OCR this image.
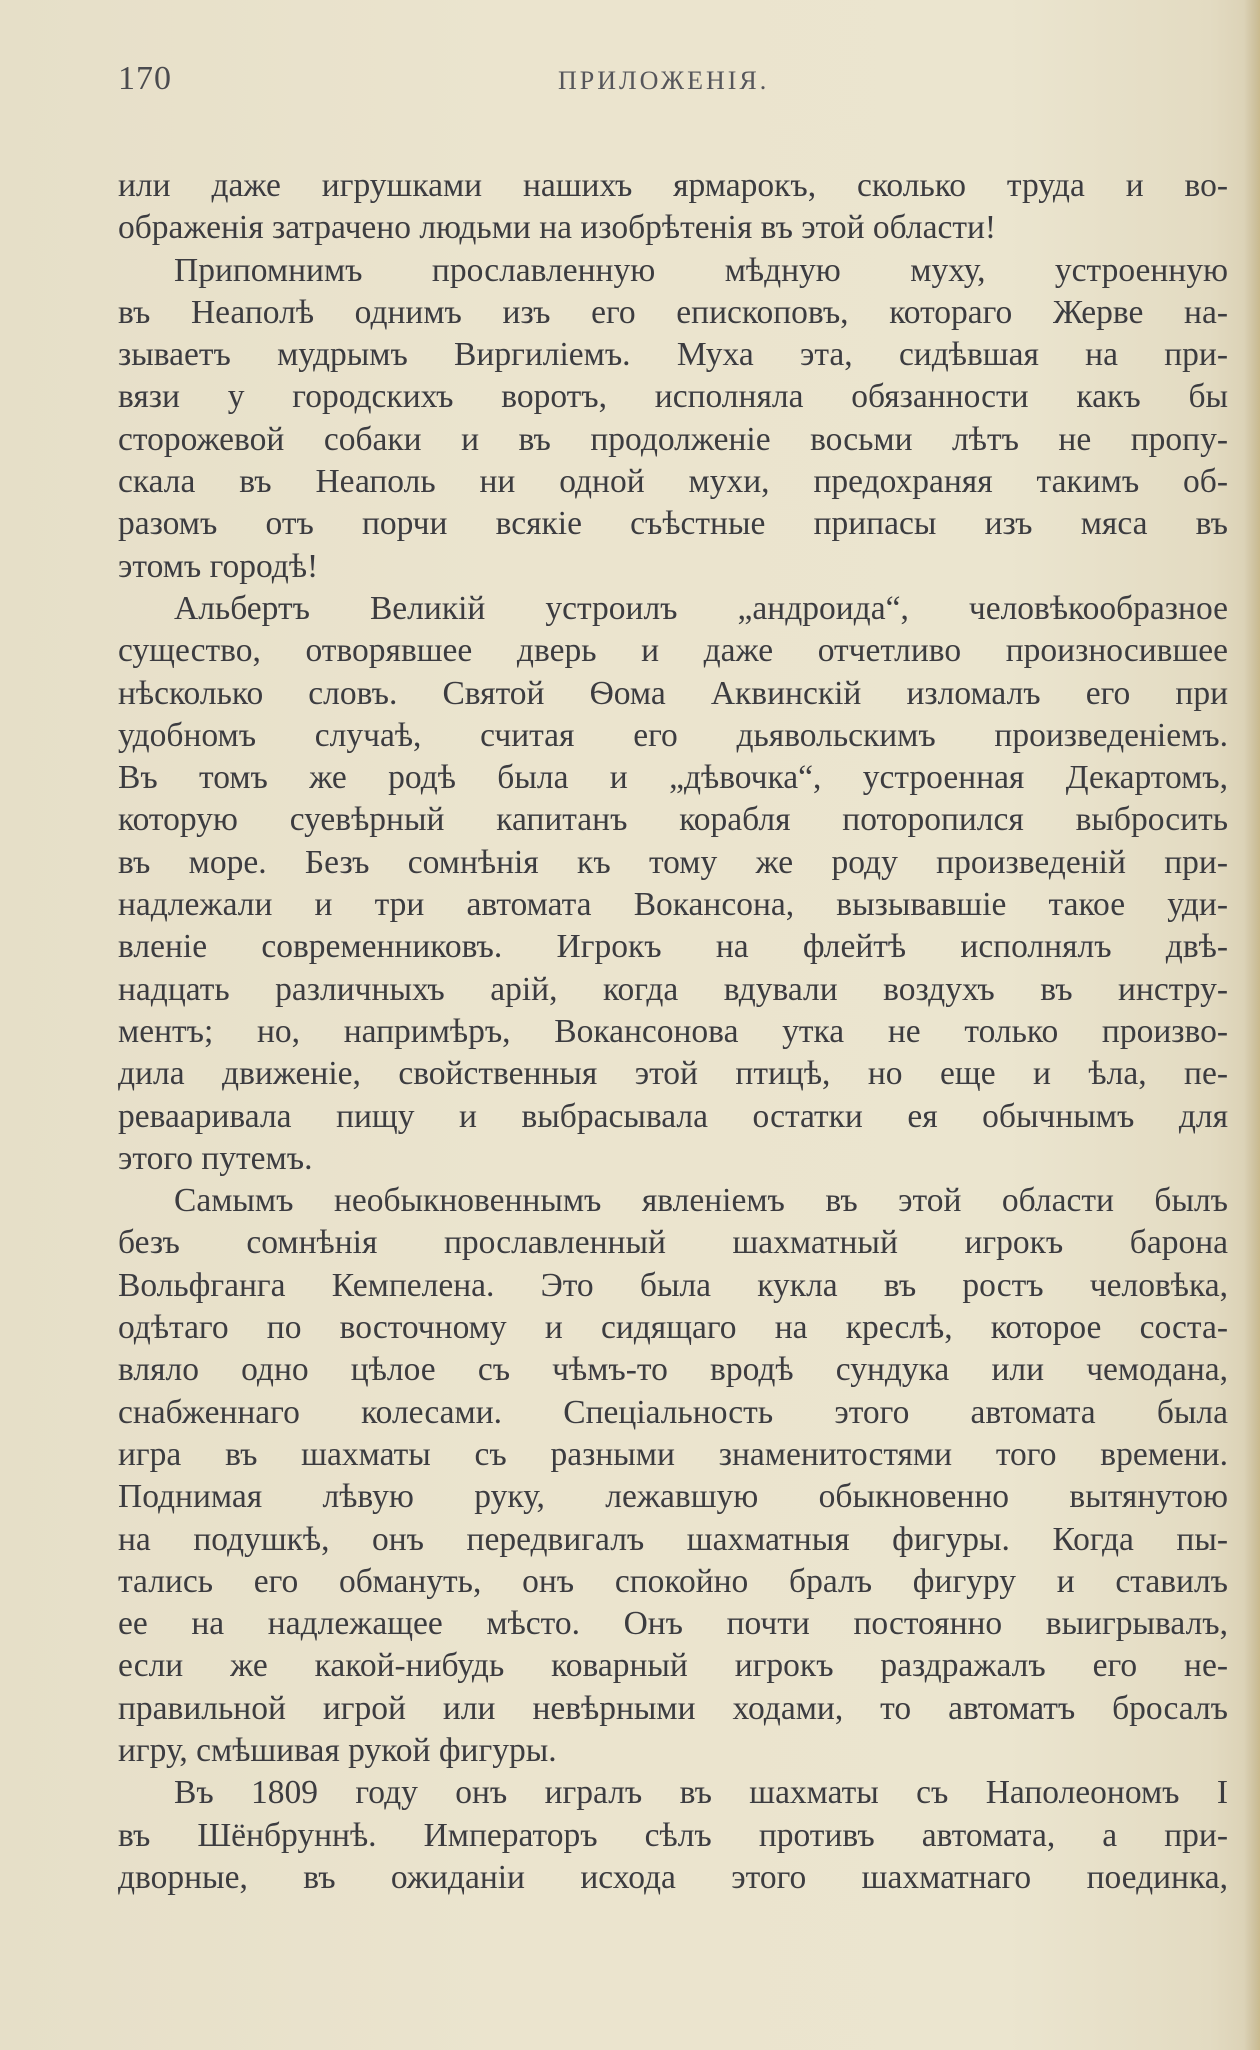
170	ПРИЛОЖЕНІЯ.
или даже игрушками нашихъ ярмарокъ, сколько труда и во-
ображенія затрачено людьми на изобрѣтенія въ этой области!
Припомнимъ прославленную мѣдную муху, устроенную
въ Неаполѣ однимъ изъ его епископовъ, котораго Жерве на-
зываетъ мудрымъ Виргиліемъ. Муха эта, сидѣвшая на при-
вязи у городскихъ воротъ, исполняла обязанности какъ бы
сторожевой собаки и въ продолженіе восьми лѣтъ не пропу-
скала въ Неаполь ни одной мухи, предохраняя такимъ об-
разомъ отъ порчи всякіе съѣстные припасы изъ мяса въ
этомъ городѣ!
Альбертъ Великій устроилъ „андроида“, человѣкообразное
существо, отворявшее дверь и даже отчетливо произносившее
нѣсколько словъ. Святой Ѳома Аквинскій изломалъ его при
удобномъ случаѣ, считая его дьявольскимъ произведеніемъ.
Въ томъ же родѣ была и „дѣвочка“, устроенная Декартомъ,
которую суевѣрный капитанъ корабля поторопился выбросить
въ море. Безъ сомнѣнія къ тому же роду произведеній при-
надлежали и три автомата Вокансона, вызывавшіе такое уди-
вленіе современниковъ. Игрокъ на флейтѣ исполнялъ двѣ-
надцать различныхъ арій, когда вдували воздухъ въ инстру-
ментъ; но, напримѣръ, Вокансонова утка не только произво-
дила движеніе, свойственныя этой птицѣ, но еще и ѣла, пе-
ревааривала пищу и выбрасывала остатки ея обычнымъ для
этого путемъ.
Самымъ необыкновеннымъ явленіемъ въ этой области былъ
безъ сомнѣнія прославленный шахматный игрокъ барона
Вольфганга Кемпелена. Это была кукла въ ростъ человѣка,
одѣтаго по восточному и сидящаго на креслѣ, которое соста-
вляло одно цѣлое съ чѣмъ-то вродѣ сундука или чемодана,
снабженнаго колесами. Спеціальность этого автомата была
игра въ шахматы съ разными знаменитостями того времени.
Поднимая лѣвую руку, лежавшую обыкновенно вытянутою
на подушкѣ, онъ передвигалъ шахматныя фигуры. Когда пы-
тались его обмануть, онъ спокойно бралъ фигуру и ставилъ
ее на надлежащее мѣсто. Онъ почти постоянно выигрывалъ,
если же какой-нибудь коварный игрокъ раздражалъ его не-
правильной игрой или невѣрными ходами, то автоматъ бросалъ
игру, смѣшивая рукой фигуры.
Въ 1809 году онъ игралъ въ шахматы съ Наполеономъ I
въ Шёнбруннѣ. Императоръ сѣлъ противъ автомата, а при-
дворные, въ ожиданіи исхода этого шахматнаго поединка,
